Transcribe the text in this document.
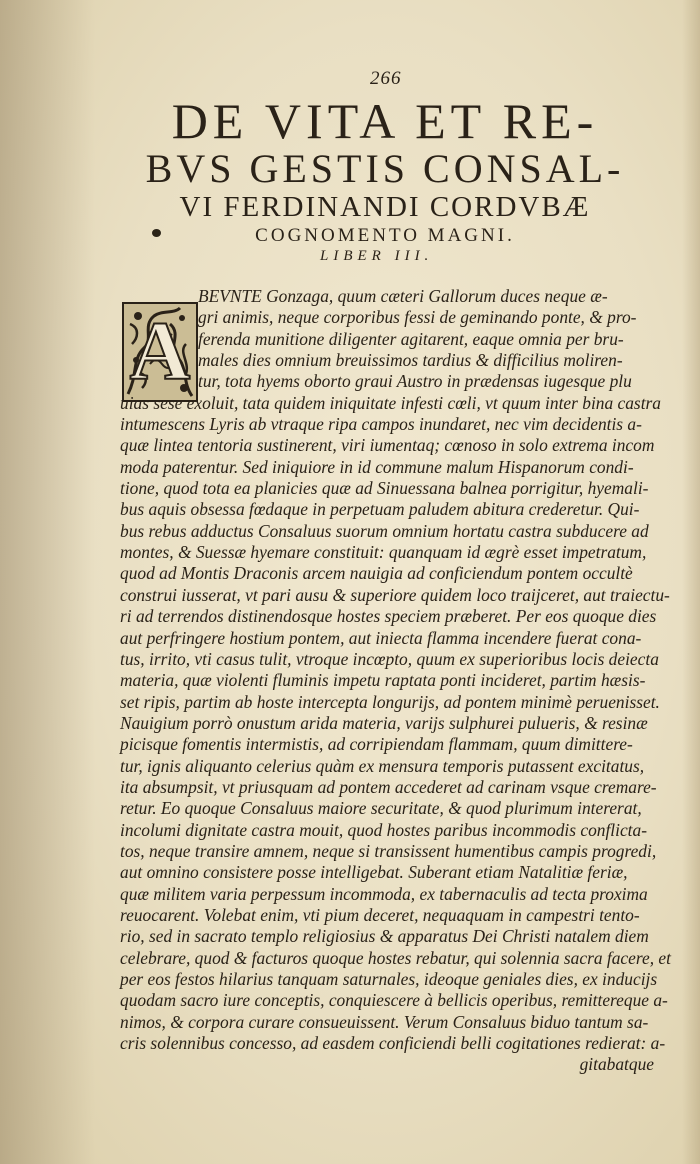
266
DE VITA ET RE-
BVS GESTIS CONSAL-
VI FERDINANDI CORDVBÆ
COGNOMENTO MAGNI.
LIBER III.
A
BEVNTE Gonzaga, quum cæteri Gallorum duces neque æ-
gri animis, neque corporibus fessi de geminando ponte, & pro-
ferenda munitione diligenter agitarent, eaque omnia per bru-
males dies omnium breuissimos tardius & difficilius moliren-
tur, tota hyems oborto graui Austro in prædensas iugesque plu
uias sese exoluit, tata quidem iniquitate infesti cœli, vt quum inter bina castra
intumescens Lyris ab vtraque ripa campos inundaret, nec vim decidentis a-
quæ lintea tentoria sustinerent, viri iumentaq; cœnoso in solo extrema incom
moda paterentur. Sed iniquiore in id commune malum Hispanorum condi-
tione, quod tota ea planicies quæ ad Sinuessana balnea porrigitur, hyemali-
bus aquis obsessa fœdaque in perpetuam paludem abitura crederetur. Qui-
bus rebus adductus Consaluus suorum omnium hortatu castra subducere ad
montes, & Suessæ hyemare constituit: quanquam id ægrè esset impetratum,
quod ad Montis Draconis arcem nauigia ad conficiendum pontem occultè
construi iusserat, vt pari ausu & superiore quidem loco traijceret, aut traiectu-
ri ad terrendos distinendosque hostes speciem præberet. Per eos quoque dies
aut perfringere hostium pontem, aut iniecta flamma incendere fuerat cona-
tus, irrito, vti casus tulit, vtroque incœpto, quum ex superioribus locis deiecta
materia, quæ violenti fluminis impetu raptata ponti incideret, partim hæsis-
set ripis, partim ab hoste intercepta longurijs, ad pontem minimè peruenisset.
Nauigium porrò onustum arida materia, varijs sulphurei pulueris, & resinæ
picisque fomentis intermistis, ad corripiendam flammam, quum dimittere-
tur, ignis aliquanto celerius quàm ex mensura temporis putassent excitatus,
ita absumpsit, vt priusquam ad pontem accederet ad carinam vsque cremare-
retur. Eo quoque Consaluus maiore securitate, & quod plurimum intererat,
incolumi dignitate castra mouit, quod hostes paribus incommodis conflicta-
tos, neque transire amnem, neque si transissent humentibus campis progredi,
aut omnino consistere posse intelligebat. Suberant etiam Natalitiæ feriæ,
quæ militem varia perpessum incommoda, ex tabernaculis ad tecta proxima
reuocarent. Volebat enim, vti pium deceret, nequaquam in campestri tento-
rio, sed in sacrato templo religiosius & apparatus Dei Christi natalem diem
celebrare, quod & facturos quoque hostes rebatur, qui solennia sacra facere, et
per eos festos hilarius tanquam saturnales, ideoque geniales dies, ex inducijs
quodam sacro iure conceptis, conquiescere à bellicis operibus, remittereque a-
nimos, & corpora curare consueuissent. Verum Consaluus biduo tantum sa-
cris solennibus concesso, ad easdem conficiendi belli cogitationes redierat: a-
gitabatque
